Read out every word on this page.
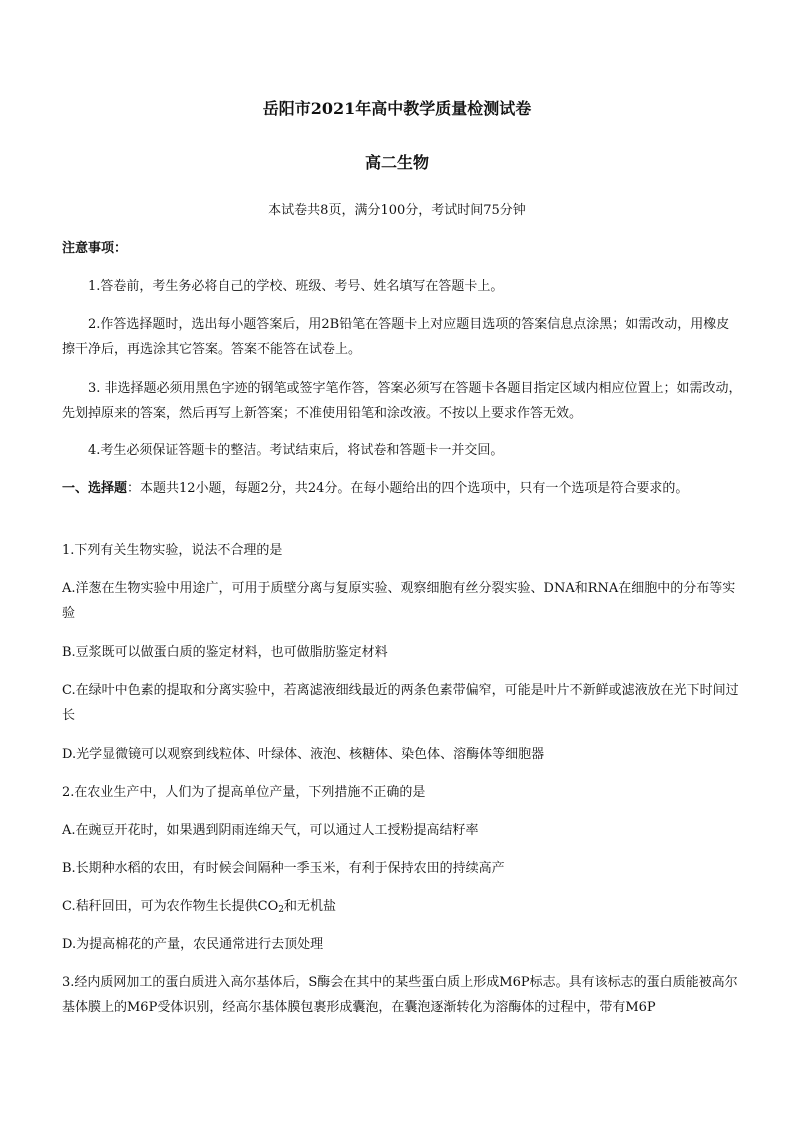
岳阳市2021年高中教学质量检测试卷
高二生物
本试卷共8页，满分100分，考试时间75分钟

注意事项：

1.答卷前，考生务必将自己的学校、班级、考号、姓名填写在答题卡上。

2.作答选择题时，选出每小题答案后，用2B铅笔在答题卡上对应题目选项的答案信息点涂黑；如需改动，用橡皮擦干净后，再选涂其它答案。答案不能答在试卷上。

3. 非选择题必须用黑色字迹的钢笔或签字笔作答，答案必须写在答题卡各题目指定区域内相应位置上；如需改动，先划掉原来的答案，然后再写上新答案；不准使用铅笔和涂改液。不按以上要求作答无效。

4.考生必须保证答题卡的整洁。考试结束后，将试卷和答题卡一并交回。

一、选择题：本题共12小题，每题2分，共24分。在每小题给出的四个选项中，只有一个选项是符合要求的。

1.下列有关生物实验，说法不合理的是

A.洋葱在生物实验中用途广，可用于质壁分离与复原实验、观察细胞有丝分裂实验、DNA和RNA在细胞中的分布等实验

B.豆浆既可以做蛋白质的鉴定材料，也可做脂肪鉴定材料

C.在绿叶中色素的提取和分离实验中，若离滤液细线最近的两条色素带偏窄，可能是叶片不新鲜或滤液放在光下时间过长

D.光学显微镜可以观察到线粒体、叶绿体、液泡、核糖体、染色体、溶酶体等细胞器

2.在农业生产中，人们为了提高单位产量，下列措施不正确的是

A.在豌豆开花时，如果遇到阴雨连绵天气，可以通过人工授粉提高结籽率

B.长期种水稻的农田，有时候会间隔种一季玉米，有利于保持农田的持续高产

C.秸秆回田，可为农作物生长提供$CO_2$和无机盐

D.为提高棉花的产量，农民通常进行去顶处理

3.经内质网加工的蛋白质进入高尔基体后，S酶会在其中的某些蛋白质上形成M6P标志。具有该标志的蛋白质能被高尔基体膜上的M6P受体识别，经高尔基体膜包裹形成囊泡，在囊泡逐渐转化为溶酶体的过程中，带有M6P
